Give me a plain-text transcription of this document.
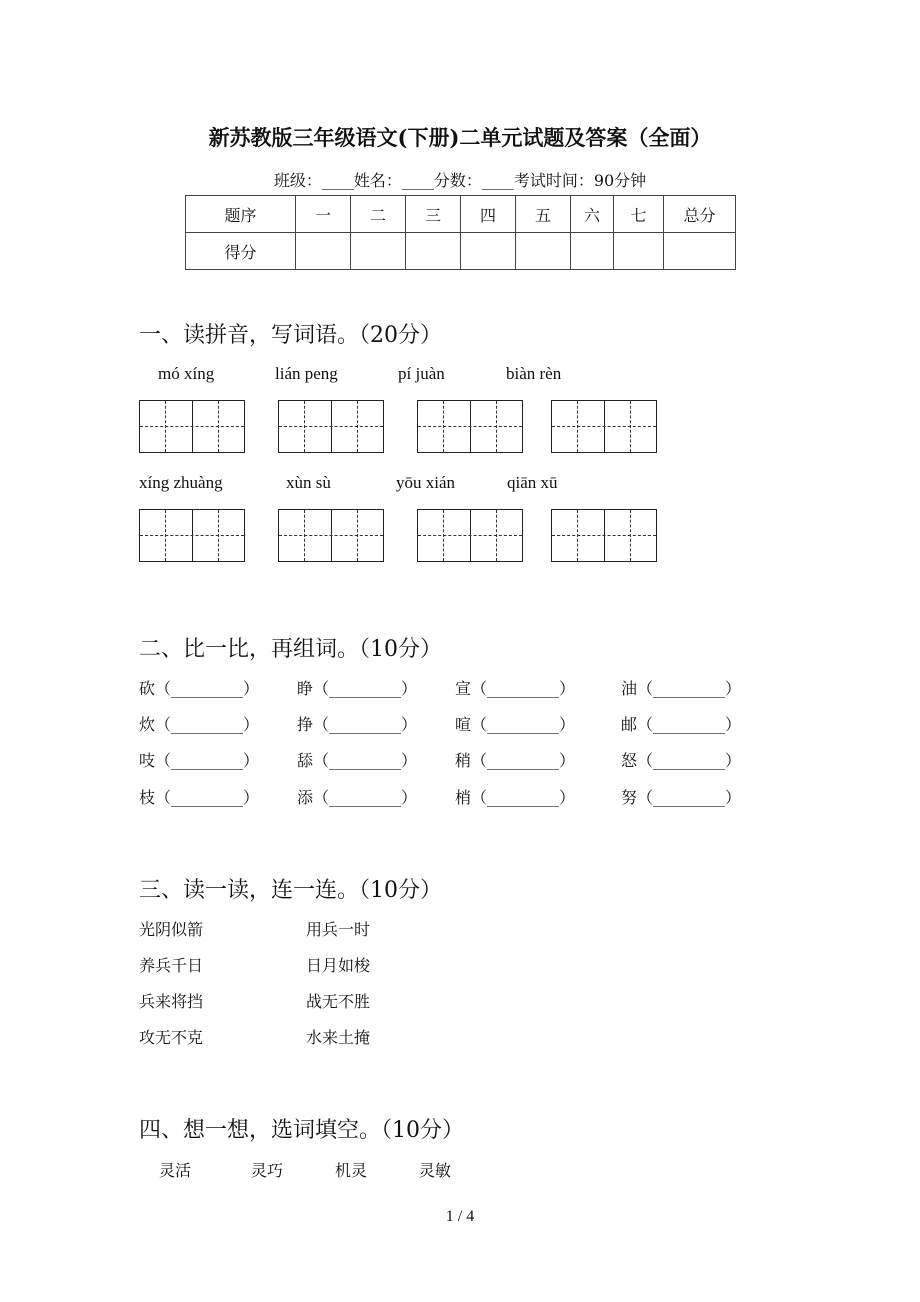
新苏教版三年级语文(下册)二单元试题及答案（全面）
班级：____姓名：____分数：____考试时间：90分钟
题序	一	二	三	四	五	六	七	总分
得分								
一、读拼音，写词语。（20分）
mó xíng	lián peng	pí juàn	biàn rèn
xíng zhuàng	xùn sù	yōu xián	qiān xū
二、比一比，再组词。（10分）
砍（_________） 睁（_________） 宣（_________）	油（_________）
炊（_________） 挣（_________） 喧（_________）	邮（_________）
吱（_________） 舔（_________） 稍（_________）	怒（_________）
枝（_________） 添（_________） 梢（_________）	努（_________）
三、读一读，连一连。（10分）
光阴似箭	用兵一时
养兵千日	日月如梭
兵来将挡	战无不胜
攻无不克	水来土掩
四、想一想，选词填空。（10分）
灵活	灵巧	机灵	灵敏
1 / 4
